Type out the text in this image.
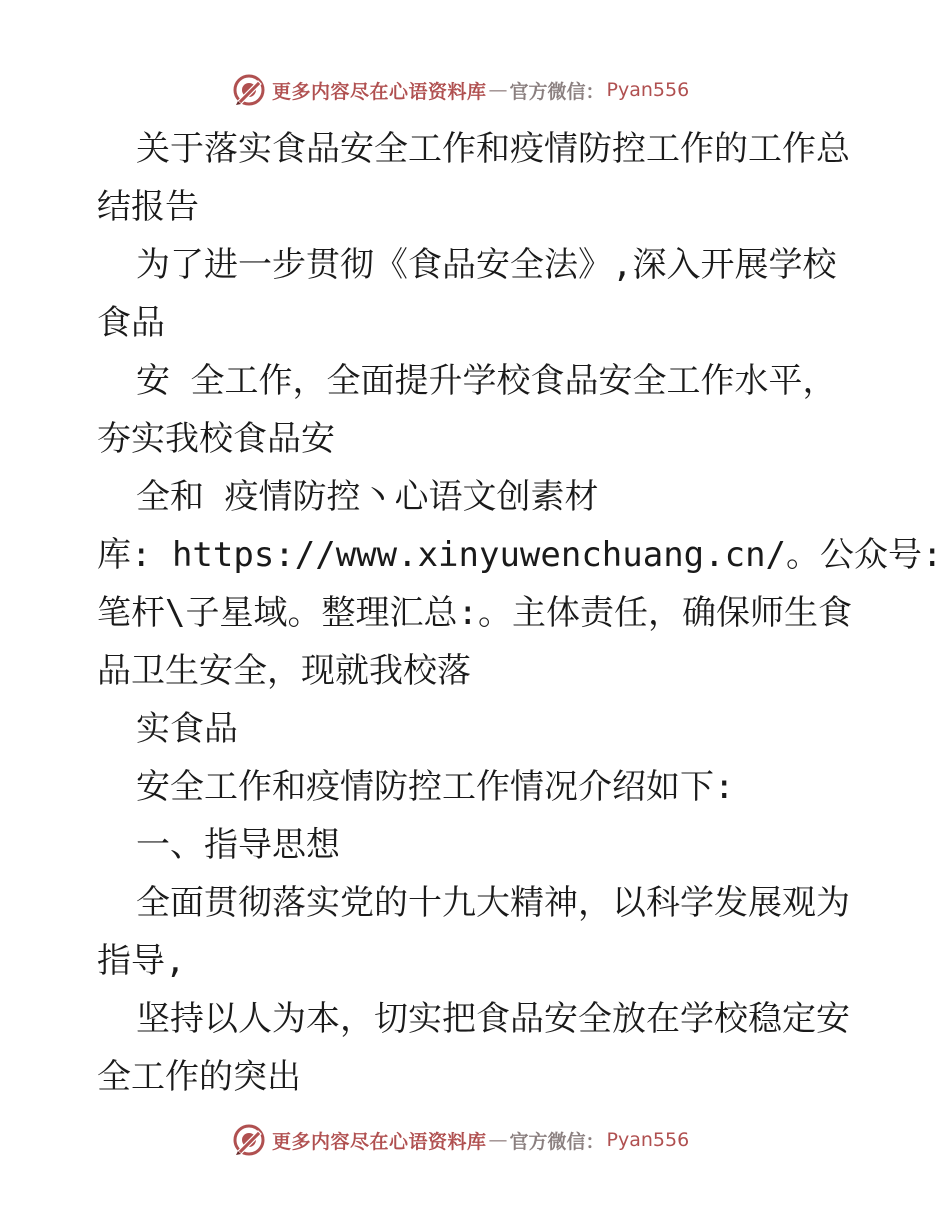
更多内容尽在心语资料库 — 官方微信： Pyan556
关于落实食品安全工作和疫情防控工作的工作总
结报告
为了进一步贯彻《食品安全法》,深入开展学校
食品
安 全工作，全面提升学校食品安全工作水平，
夯实我校食品安
全和 疫情防控丶心语文创素材
库: https://www.xinyuwenchuang.cn/。公众号:
笔杆\子星域。整理汇总:。主体责任，确保师生食
品卫生安全，现就我校落
实食品
安全工作和疫情防控工作情况介绍如下:
一、指导思想
全面贯彻落实党的十九大精神，以科学发展观为
指导,
坚持以人为本，切实把食品安全放在学校稳定安
全工作的突出
更多内容尽在心语资料库 — 官方微信： Pyan556
